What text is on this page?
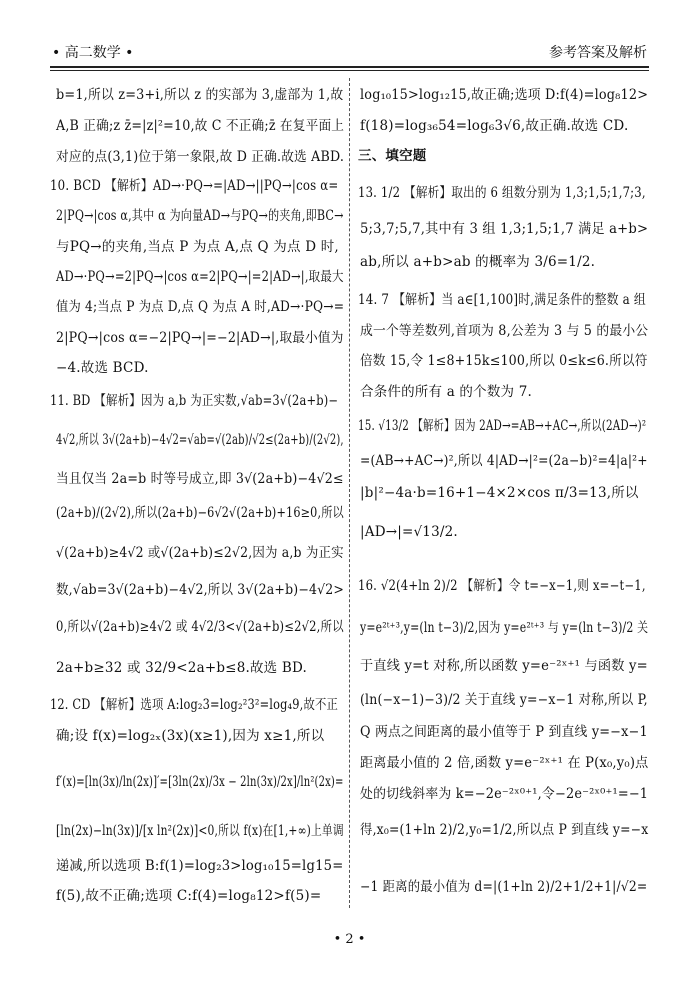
• 高二数学 •	参考答案及解析
b=1,所以 z=3+i,所以 z 的实部为 3,虚部为 1,故
A,B 正确;z z̄=|z|²=10,故 C 不正确;z̄ 在复平面上
对应的点(3,1)位于第一象限,故 D 正确.故选 ABD.
10. BCD 【解析】AD→·PQ→=|AD→||PQ→|cos α=
2|PQ→|cos α,其中 α 为向量AD→与PQ→的夹角,即BC→
与PQ→的夹角,当点 P 为点 A,点 Q 为点 D 时,
AD→·PQ→=2|PQ→|cos α=2|PQ→|=2|AD→|,取最大
值为 4;当点 P 为点 D,点 Q 为点 A 时,AD→·PQ→=
2|PQ→|cos α=−2|PQ→|=−2|AD→|,取最小值为
−4.故选 BCD.
11. BD 【解析】因为 a,b 为正实数,√ab=3√(2a+b)−
4√2,所以 3√(2a+b)−4√2=√ab=√(2ab)/√2≤(2a+b)/(2√2),
当且仅当 2a=b 时等号成立,即 3√(2a+b)−4√2≤
(2a+b)/(2√2),所以(2a+b)−6√2√(2a+b)+16≥0,所以
√(2a+b)≥4√2 或√(2a+b)≤2√2,因为 a,b 为正实
数,√ab=3√(2a+b)−4√2,所以 3√(2a+b)−4√2>
0,所以√(2a+b)≥4√2 或 4√2/3<√(2a+b)≤2√2,所以
2a+b≥32 或 32/9<2a+b≤8.故选 BD.
12. CD 【解析】选项 A:log₂3=log₂²3²=log₄9,故不正
确;设 f(x)=log₂ₓ(3x)(x≥1),因为 x≥1,所以
f′(x)=[ln(3x)/ln(2x)]′=[3ln(2x)/3x − 2ln(3x)/2x]/ln²(2x)=
[ln(2x)−ln(3x)]/[x ln²(2x)]<0,所以 f(x)在[1,+∞)上单调
递减,所以选项 B:f(1)=log₂3>log₁₀15=lg15=
f(5),故不正确;选项 C:f(4)=log₈12>f(5)=
log₁₀15>log₁₂15,故正确;选项 D:f(4)=log₈12>
f(18)=log₃₆54=log₆3√6,故正确.故选 CD.
三、填空题
13. 1/2 【解析】取出的 6 组数分别为 1,3;1,5;1,7;3,
5;3,7;5,7,其中有 3 组 1,3;1,5;1,7 满足 a+b>
ab,所以 a+b>ab 的概率为 3/6=1/2.
14. 7 【解析】当 a∈[1,100]时,满足条件的整数 a 组
成一个等差数列,首项为 8,公差为 3 与 5 的最小公
倍数 15,令 1≤8+15k≤100,所以 0≤k≤6.所以符
合条件的所有 a 的个数为 7.
15. √13/2 【解析】因为 2AD→=AB→+AC→,所以(2AD→)²
=(AB→+AC→)²,所以 4|AD→|²=(2a−b)²=4|a|²+
|b|²−4a·b=16+1−4×2×cos π/3=13,所以
|AD→|=√13/2.
16. √2(4+ln 2)/2 【解析】令 t=−x−1,则 x=−t−1,
y=e²ᵗ⁺³,y=(ln t−3)/2,因为 y=e²ᵗ⁺³ 与 y=(ln t−3)/2 关
于直线 y=t 对称,所以函数 y=e⁻²ˣ⁺¹ 与函数 y=
(ln(−x−1)−3)/2 关于直线 y=−x−1 对称,所以 P,
Q 两点之间距离的最小值等于 P 到直线 y=−x−1
距离最小值的 2 倍,函数 y=e⁻²ˣ⁺¹ 在 P(x₀,y₀)点
处的切线斜率为 k=−2e⁻²ˣ⁰⁺¹,令−2e⁻²ˣ⁰⁺¹=−1
得,x₀=(1+ln 2)/2,y₀=1/2,所以点 P 到直线 y=−x
−1 距离的最小值为 d=|(1+ln 2)/2+1/2+1|/√2=
• 2 •
